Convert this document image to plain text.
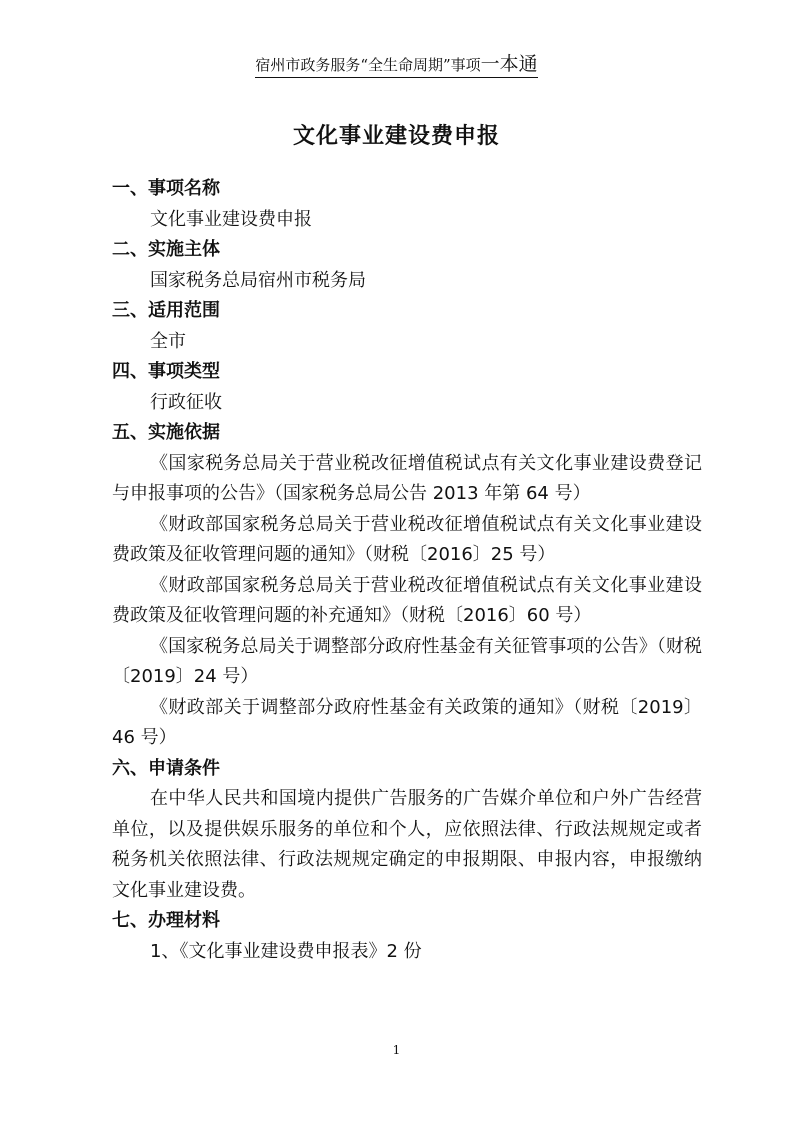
宿州市政务服务“全生命周期”事项一本通
文化事业建设费申报
一、事项名称

文化事业建设费申报

二、实施主体

国家税务总局宿州市税务局

三、适用范围

全市

四、事项类型

行政征收

五、实施依据

《国家税务总局关于营业税改征增值税试点有关文化事业建设费登记与申报事项的公告》（国家税务总局公告 2013 年第 64 号）

《财政部国家税务总局关于营业税改征增值税试点有关文化事业建设费政策及征收管理问题的通知》（财税〔2016〕25 号）

《财政部国家税务总局关于营业税改征增值税试点有关文化事业建设费政策及征收管理问题的补充通知》（财税〔2016〕60 号）

《国家税务总局关于调整部分政府性基金有关征管事项的公告》（财税〔2019〕24 号）

《财政部关于调整部分政府性基金有关政策的通知》（财税〔2019〕46 号）

六、申请条件

在中华人民共和国境内提供广告服务的广告媒介单位和户外广告经营单位，以及提供娱乐服务的单位和个人，应依照法律、行政法规规定或者税务机关依照法律、行政法规规定确定的申报期限、申报内容，申报缴纳文化事业建设费。

七、办理材料

1、《文化事业建设费申报表》2 份

1
